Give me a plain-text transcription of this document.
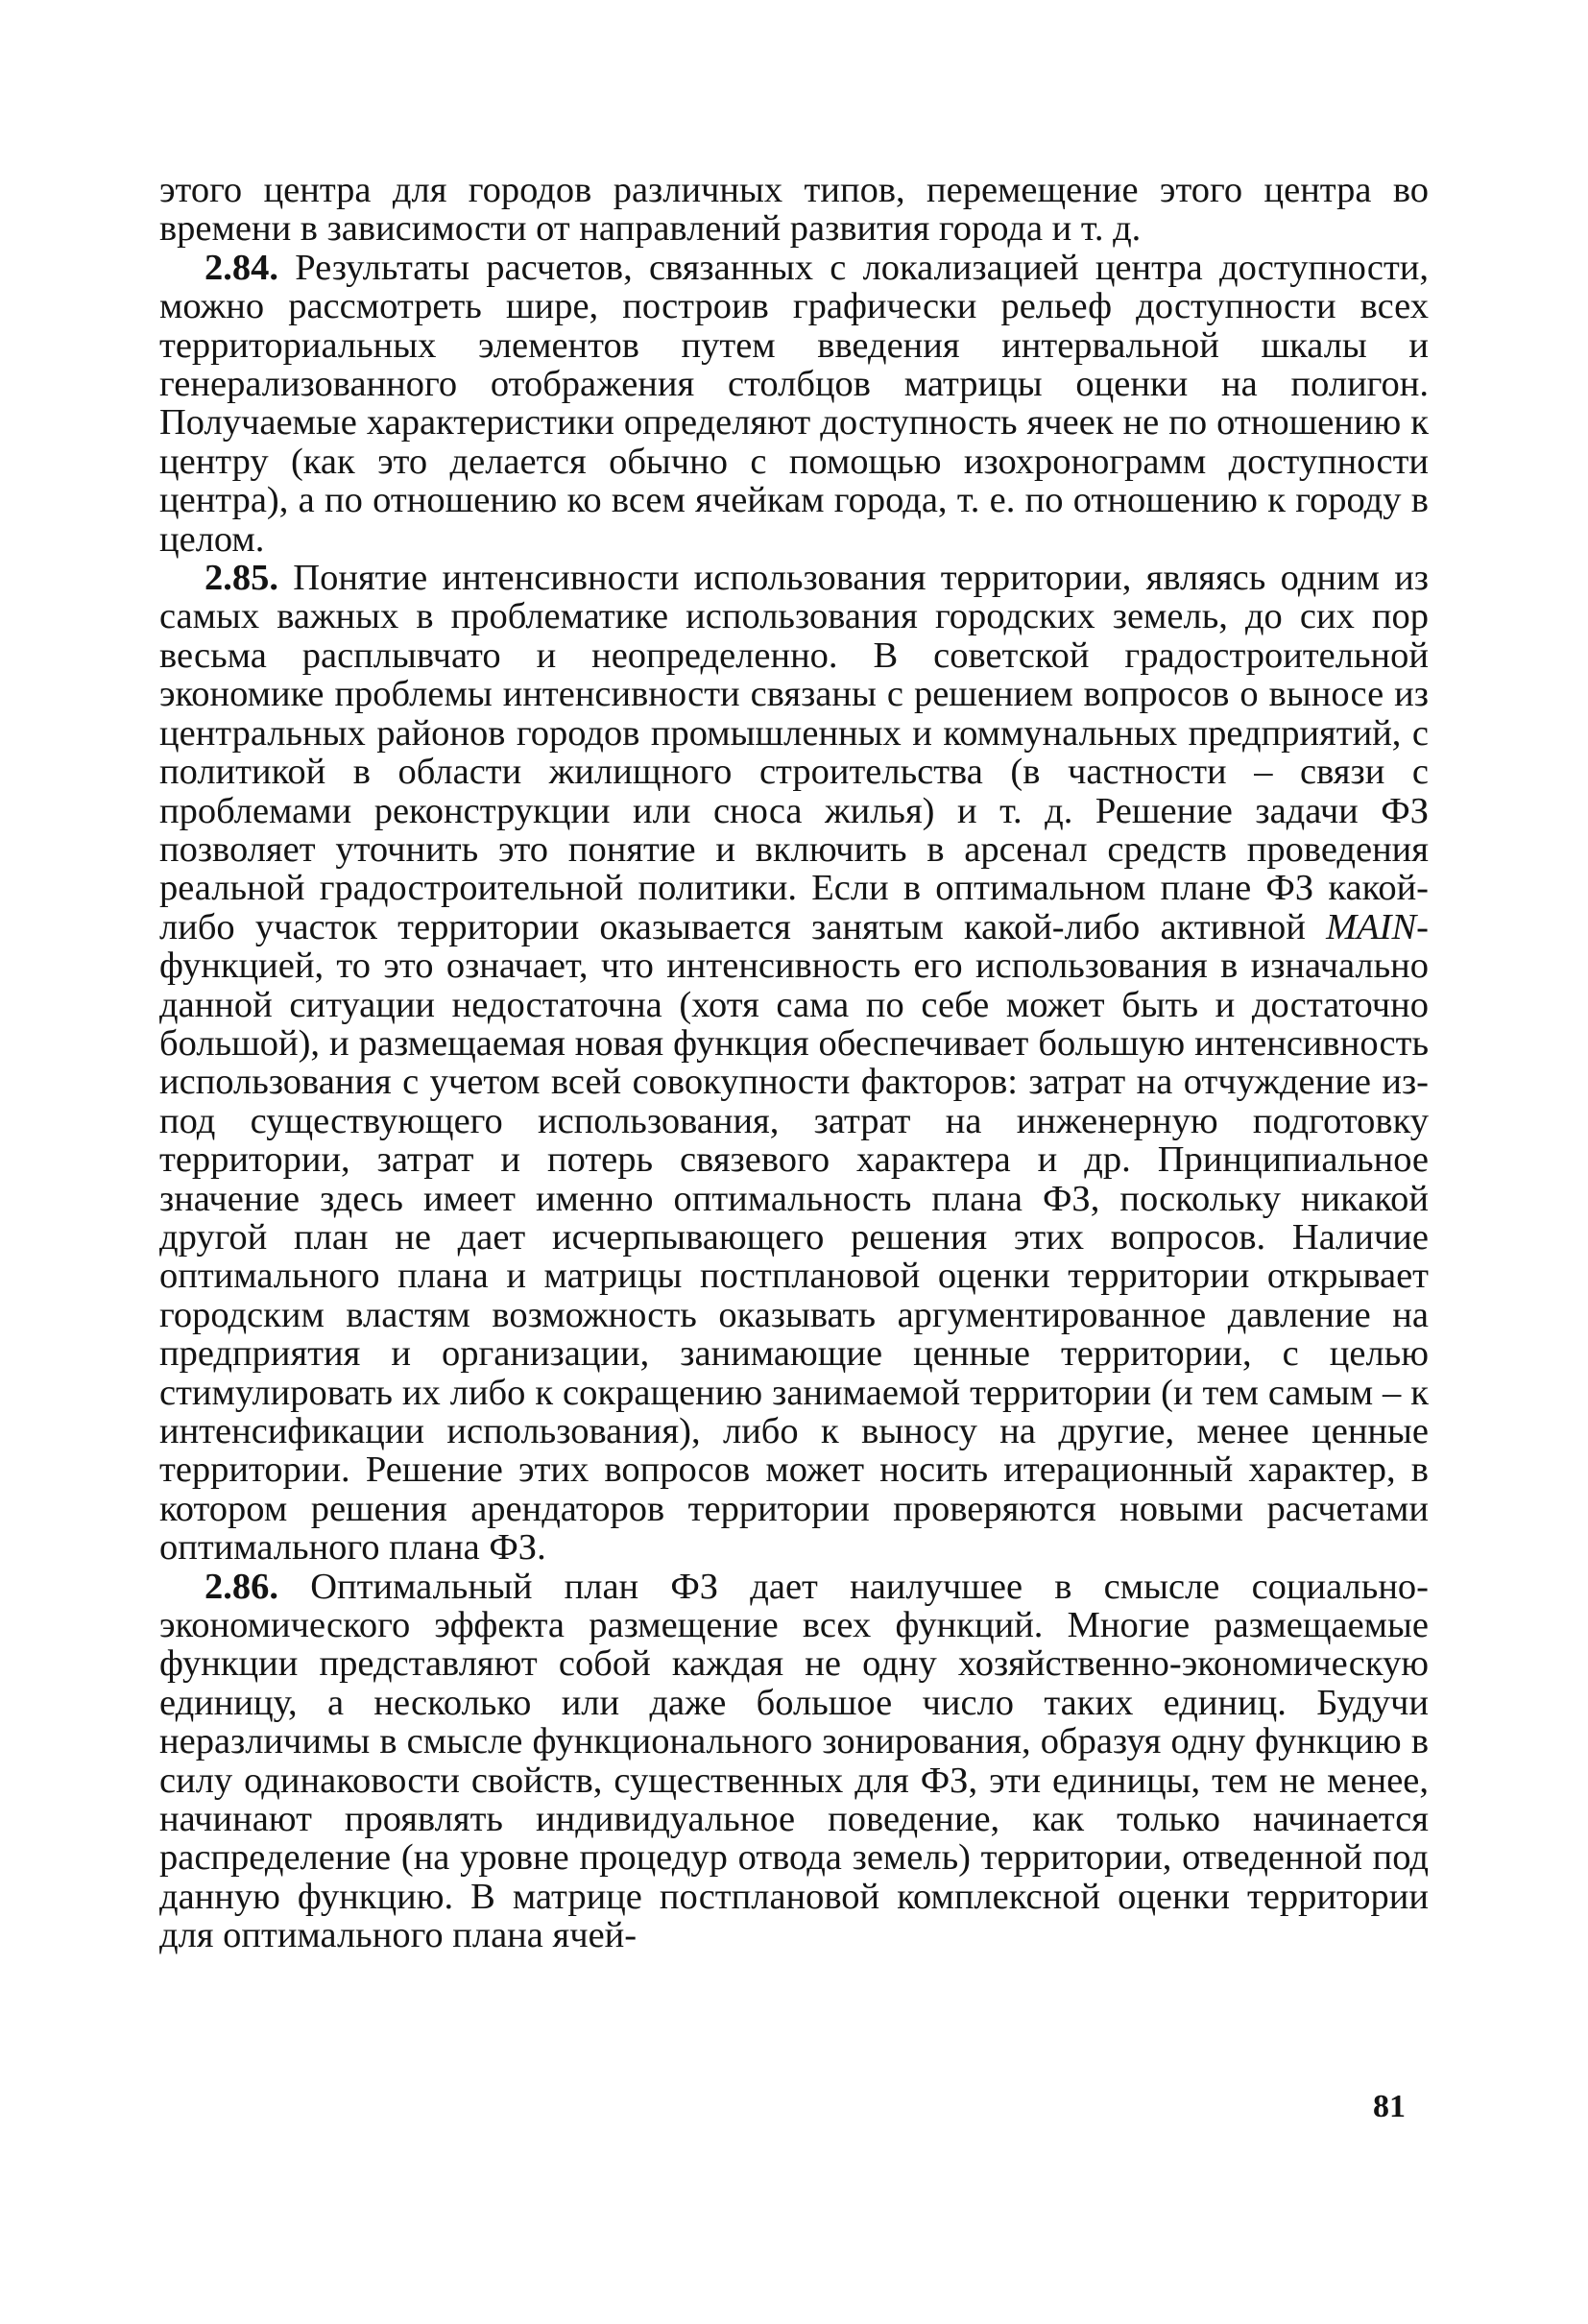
этого центра для городов различных типов, перемещение этого центра во времени в зависимости от направлений развития города и т. д.

2.84. Результаты расчетов, связанных с локализацией центра доступности, можно рассмотреть шире, построив графически рельеф доступности всех территориальных элементов путем введения интервальной шкалы и генерализованного отображения столбцов матрицы оценки на полигон. Получаемые характеристики определяют доступность ячеек не по отношению к центру (как это делается обычно с помощью изохронограмм доступности центра), а по отношению ко всем ячейкам города, т. е. по отношению к городу в целом.

2.85. Понятие интенсивности использования территории, являясь одним из самых важных в проблематике использования городских земель, до сих пор весьма расплывчато и неопределенно. В советской градостроительной экономике проблемы интенсивности связаны с решением вопросов о выносе из центральных районов городов промышленных и коммунальных предприятий, с политикой в области жилищного строительства (в частности – связи с проблемами реконструкции или сноса жилья) и т. д. Решение задачи ФЗ позволяет уточнить это понятие и включить в арсенал средств проведения реальной градостроительной политики. Если в оптимальном плане ФЗ какой-либо участок территории оказывается занятым какой-либо активной MAIN-функцией, то это означает, что интенсивность его использования в изначально данной ситуации недостаточна (хотя сама по себе может быть и достаточно большой), и размещаемая новая функция обеспечивает большую интенсивность использования с учетом всей совокупности факторов: затрат на отчуждение из-под существующего использования, затрат на инженерную подготовку территории, затрат и потерь связевого характера и др. Принципиальное значение здесь имеет именно оптимальность плана ФЗ, поскольку никакой другой план не дает исчерпывающего решения этих вопросов. Наличие оптимального плана и матрицы постплановой оценки территории открывает городским властям возможность оказывать аргументированное давление на предприятия и организации, занимающие ценные территории, с целью стимулировать их либо к сокращению занимаемой территории (и тем самым – к интенсификации использования), либо к выносу на другие, менее ценные территории. Решение этих вопросов может носить итерационный характер, в котором решения арендаторов территории проверяются новыми расчетами оптимального плана ФЗ.

2.86. Оптимальный план ФЗ дает наилучшее в смысле социально-экономического эффекта размещение всех функций. Многие размещаемые функции представляют собой каждая не одну хозяйственно-экономическую единицу, а несколько или даже большое число таких единиц. Будучи неразличимы в смысле функционального зонирования, образуя одну функцию в силу одинаковости свойств, существенных для ФЗ, эти единицы, тем не менее, начинают проявлять индивидуальное поведение, как только начинается распределение (на уровне процедур отвода земель) территории, отведенной под данную функцию. В матрице постплановой комплексной оценки территории для оптимального плана ячей-

81
